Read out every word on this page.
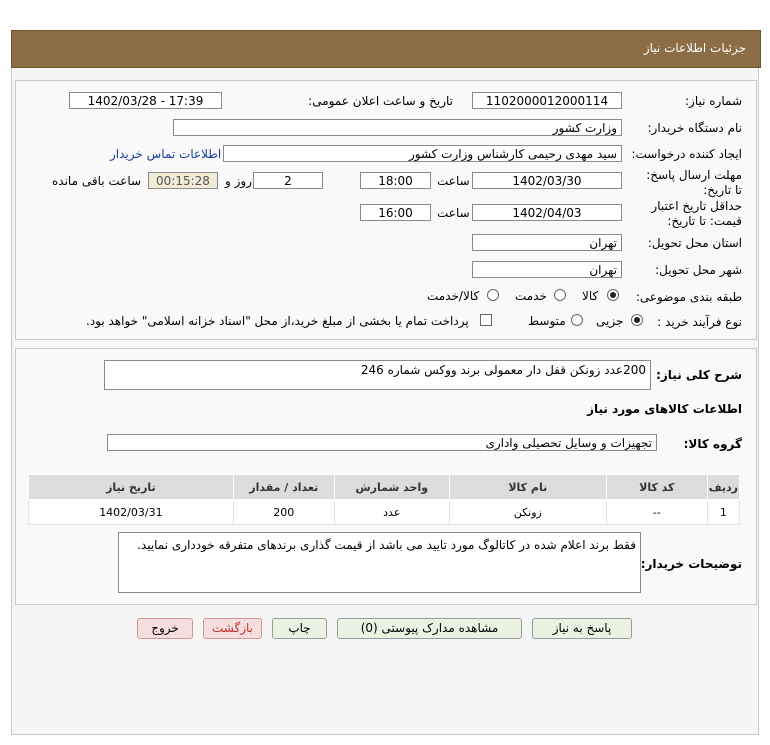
جزئیات اطلاعات نیاز
شماره نیاز:
1102000012000114
تاریخ و ساعت اعلان عمومی:
1402/03/28 - 17:39
نام دستگاه خریدار:
وزارت کشور
ایجاد کننده درخواست:
سید مهدی رحیمی کارشناس وزارت کشور
اطلاعات تماس خریدار
مهلت ارسال پاسخ: تا تاریخ:
1402/03/30
ساعت
18:00
2
روز و
00:15:28
ساعت باقی مانده
حداقل تاریخ اعتبار قیمت: تا تاریخ:
1402/04/03
ساعت
16:00
استان محل تحویل:
تهران
شهر محل تحویل:
تهران
طبقه بندی موضوعی:
کالا
خدمت
کالا/خدمت
نوع فرآیند خرید :
جزیی
متوسط
پرداخت تمام یا بخشی از مبلغ خرید،از محل "اسناد خزانه اسلامی" خواهد بود.
شرح کلی نیاز:
200عدد زونکن قفل دار معمولی برند ووکس شماره 246
اطلاعات کالاهای مورد نیاز
گروه کالا:
تجهیزات و وسایل تحصیلی واداری
ردیف	کد کالا	نام کالا	واحد شمارش	تعداد / مقدار	تاریخ نیاز
1	--	زونکن	عدد	200	1402/03/31
توضیحات خریدار:
فقط برند اعلام شده در کاتالوگ مورد تایید می باشد از قیمت گذاری برندهای متفرقه خودداری نمایید.
پاسخ به نیاز
مشاهده مدارک پیوستی (0)
چاپ
بازگشت
خروج
